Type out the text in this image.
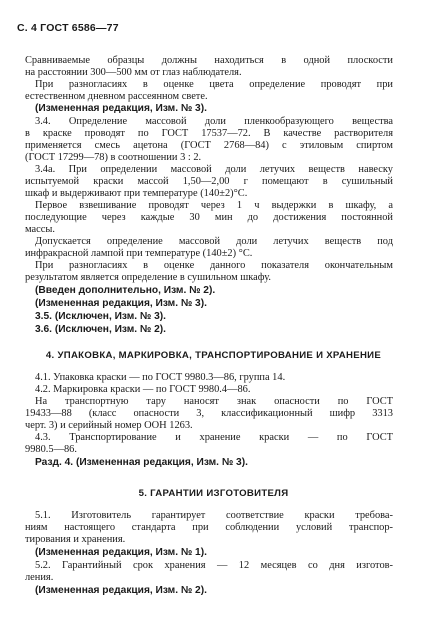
С. 4 ГОСТ 6586—77
Сравниваемые образцы должны находиться в одной плоскости
на расстоянии 300—500 мм от глаз наблюдателя.
При разногласиях в оценке цвета определение проводят при
естественном дневном рассеянном свете.
(Измененная редакция, Изм. № 3).
3.4. Определение массовой доли пленкообразующего вещества
в краске проводят по ГОСТ 17537—72. В качестве растворителя
применяется смесь ацетона (ГОСТ 2768—84) с этиловым спиртом
(ГОСТ 17299—78) в соотношении 3 : 2.
3.4а. При определении массовой доли летучих веществ навеску
испытуемой краски массой 1,50—2,00 г помещают в сушильный
шкаф и выдерживают при температуре (140±2)°С.
Первое взвешивание проводят через 1 ч выдержки в шкафу, а
последующие через каждые 30 мин до достижения постоянной
массы.
Допускается определение массовой доли летучих веществ под
инфракрасной лампой при температуре (140±2) °С.
При разногласиях в оценке данного показателя окончательным
результатом является определение в сушильном шкафу.
(Введен дополнительно, Изм. № 2).
(Измененная редакция, Изм. № 3).
3.5. (Исключен, Изм. № 3).
3.6. (Исключен, Изм. № 2).
4. УПАКОВКА, МАРКИРОВКА, ТРАНСПОРТИРОВАНИЕ И ХРАНЕНИЕ
4.1. Упаковка краски — по ГОСТ 9980.3—86, группа 14.
4.2. Маркировка краски — по ГОСТ 9980.4—86.
На транспортную тару наносят знак опасности по ГОСТ
19433—88 (класс опасности 3, классификационный шифр 3313
черт. 3) и серийный номер ООН 1263.
4.3. Транспортирование и хранение краски — по ГОСТ
9980.5—86.
Разд. 4. (Измененная редакция, Изм. № 3).
5. ГАРАНТИИ ИЗГОТОВИТЕЛЯ
5.1. Изготовитель гарантирует соответствие краски требова-
ниям настоящего стандарта при соблюдении условий транспор-
тирования и хранения.
(Измененная редакция, Изм. № 1).
5.2. Гарантийный срок хранения — 12 месяцев со дня изготов-
ления.
(Измененная редакция, Изм. № 2).
